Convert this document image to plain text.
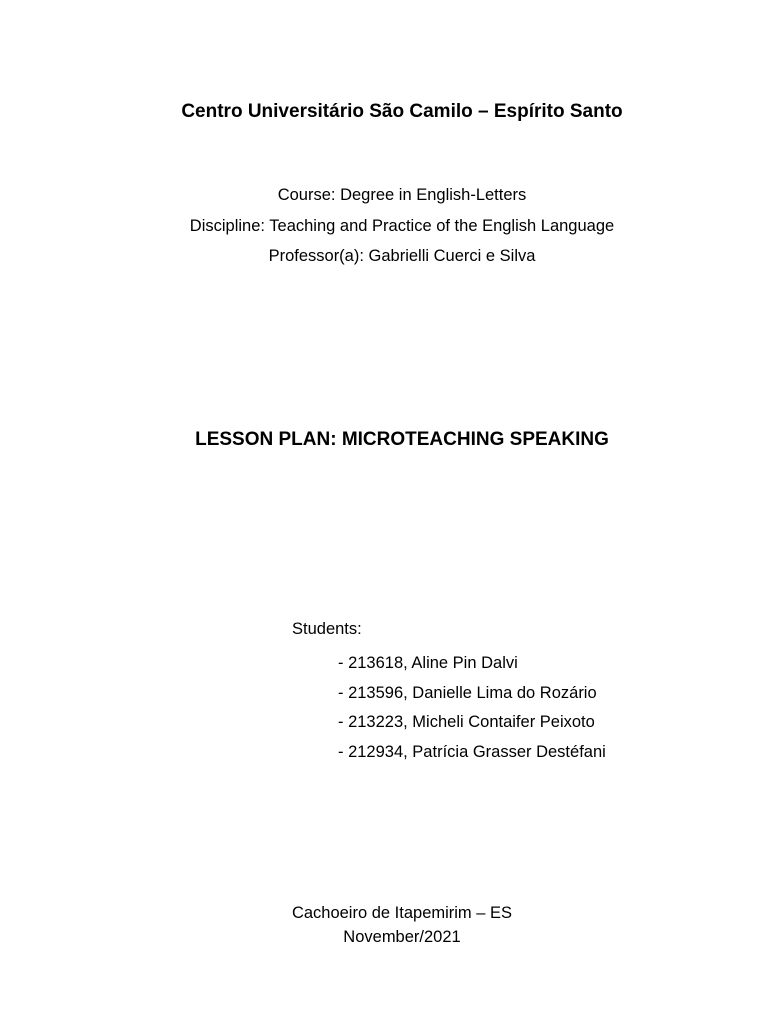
Centro Universitário São Camilo – Espírito Santo
Course: Degree in English-Letters
Discipline: Teaching and Practice of the English Language
Professor(a): Gabrielli Cuerci e Silva
LESSON PLAN: MICROTEACHING SPEAKING
Students:
- 213618, Aline Pin Dalvi
- 213596, Danielle Lima do Rozário
- 213223, Micheli Contaifer Peixoto
- 212934, Patrícia Grasser Destéfani
Cachoeiro de Itapemirim – ES
November/2021
